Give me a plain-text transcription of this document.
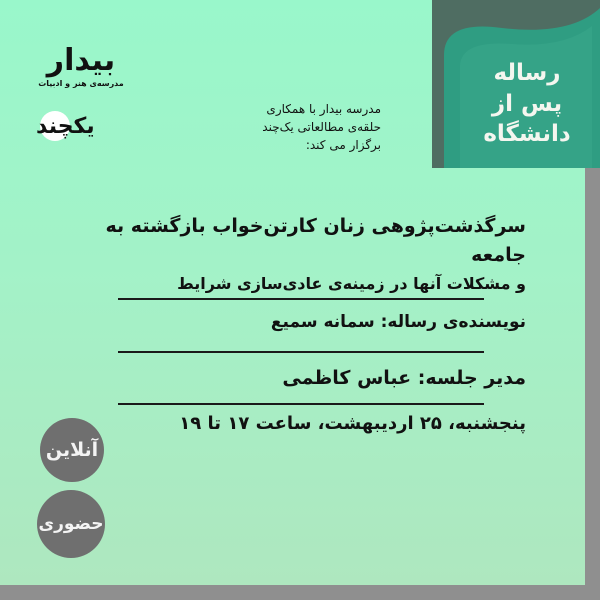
رساله
پس از
دانشگاه
بیدار
مدرسه‌ی هنر و ادبیات
یکچند
مدرسه بیدار با همکاری
حلقه‌ی مطالعاتی یک‌چند
برگزار می کند:
سرگذشت‌پژوهی زنان کارتن‌خواب بازگشته به جامعه
و مشکلات آنها در زمینه‌ی عادی‌سازی شرایط
نویسنده‌ی رساله: سمانه سمیع
مدیر جلسه: عباس کاظمی
پنجشنبه، ۲۵ اردیبهشت، ساعت ۱۷ تا ۱۹
آنلاین
حضوری
